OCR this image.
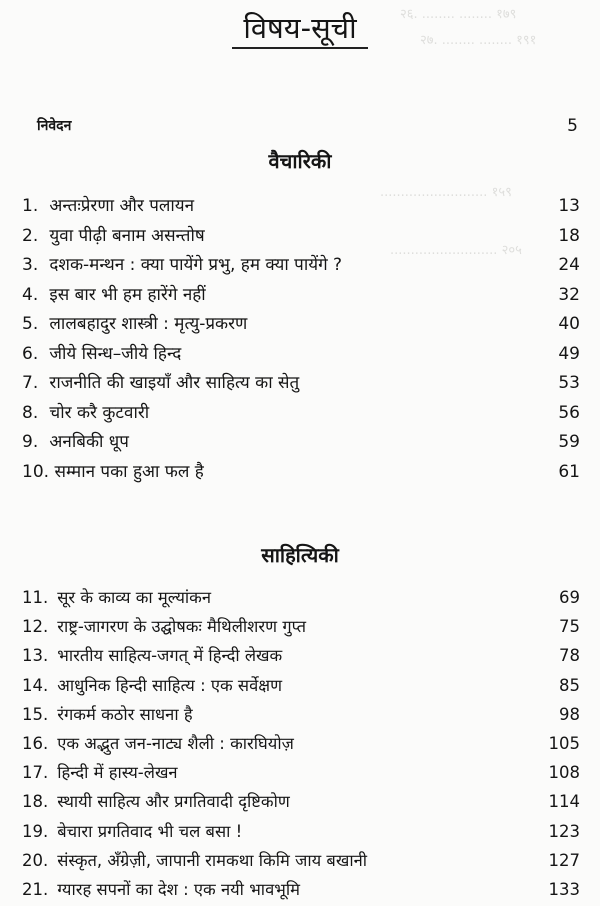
२६. ........ ........ १७९
२७. ........ ........ १९१
.......................... १५९
.......................... २०५
विषय-सूची
निवेदन	5
वैचारिकी
1. अन्तःप्रेरणा और पलायन	13
2. युवा पीढ़ी बनाम असन्तोष	18
3. दशक-मन्थन : क्या पायेंगे प्रभु, हम क्या पायेंगे ?	24
4. इस बार भी हम हारेंगे नहीं	32
5. लालबहादुर शास्त्री : मृत्यु-प्रकरण	40
6. जीये सिन्ध–जीये हिन्द	49
7. राजनीति की खाइयाँ और साहित्य का सेतु	53
8. चोर करै कुटवारी	56
9. अनबिकी धूप	59
10. सम्मान पका हुआ फल है	61
साहित्यिकी
11. सूर के काव्य का मूल्यांकन	69
12. राष्ट्र-जागरण के उद्घोषकः मैथिलीशरण गुप्त	75
13. भारतीय साहित्य-जगत् में हिन्दी लेखक	78
14. आधुनिक हिन्दी साहित्य : एक सर्वेक्षण	85
15. रंगकर्म कठोर साधना है	98
16. एक अद्भुत जन-नाट्य शैली : कारघियोज़	105
17. हिन्दी में हास्य-लेखन	108
18. स्थायी साहित्य और प्रगतिवादी दृष्टिकोण	114
19. बेचारा प्रगतिवाद भी चल बसा !	123
20. संस्कृत, अँग्रेज़ी, जापानी रामकथा किमि जाय बखानी	127
21. ग्यारह सपनों का देश : एक नयी भावभूमि	133
